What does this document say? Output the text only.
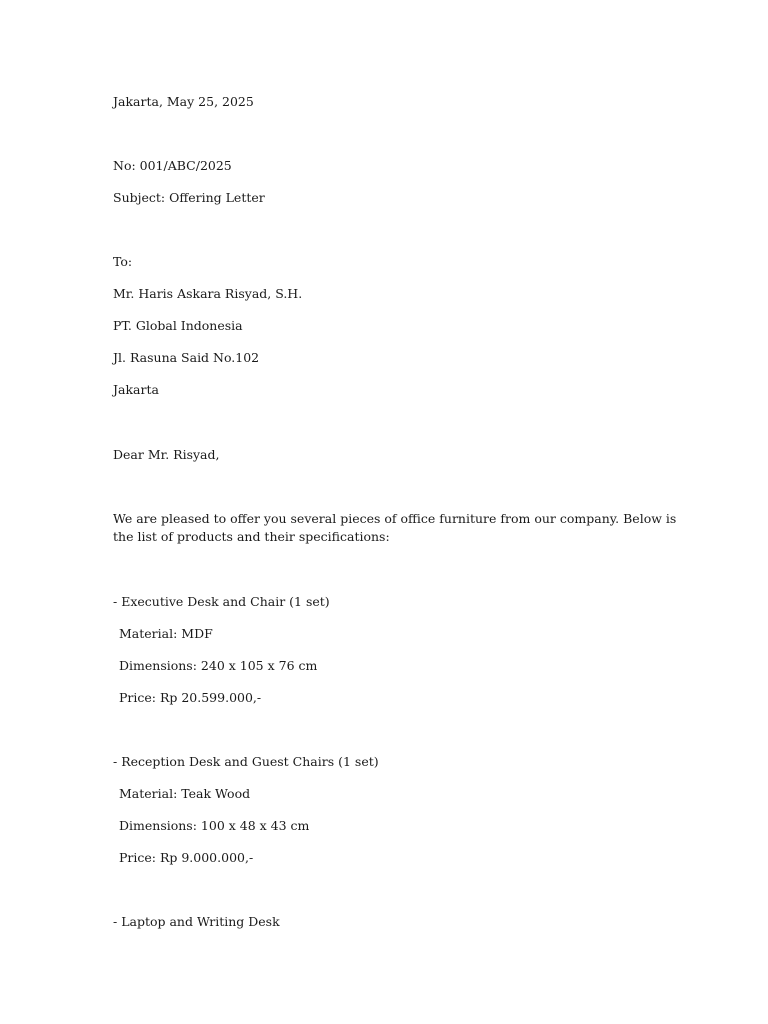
Jakarta, May 25, 2025
No: 001/ABC/2025
Subject: Offering Letter
To:
Mr. Haris Askara Risyad, S.H.
PT. Global Indonesia
Jl. Rasuna Said No.102
Jakarta
Dear Mr. Risyad,
We are pleased to offer you several pieces of office furniture from our company. Below is
the list of products and their specifications:
- Executive Desk and Chair (1 set)
Material: MDF
Dimensions: 240 x 105 x 76 cm
Price: Rp 20.599.000,-
- Reception Desk and Guest Chairs (1 set)
Material: Teak Wood
Dimensions: 100 x 48 x 43 cm
Price: Rp 9.000.000,-
- Laptop and Writing Desk
